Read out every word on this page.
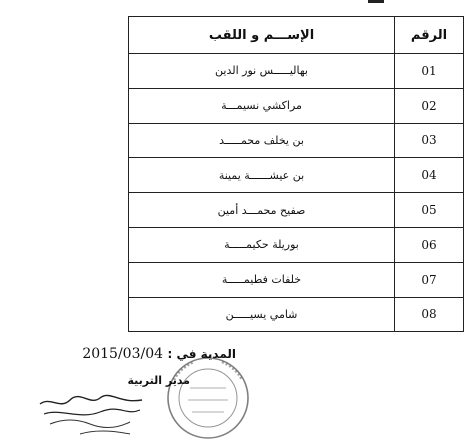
الرقم	الإســـم و اللقب
01	بهاليـــــس نور الدين
02	مراكشي نسيمـــة
03	بن يخلف محمـــــد
04	بن عيشــــــة يمينة
05	صفيح محمـــد أمين
06	بوريلة حكيمـــــة
07	خلفات فطيمـــــة
08	شامي يسيـــــن
المدية في : 2015/03/04
مدير التربية
